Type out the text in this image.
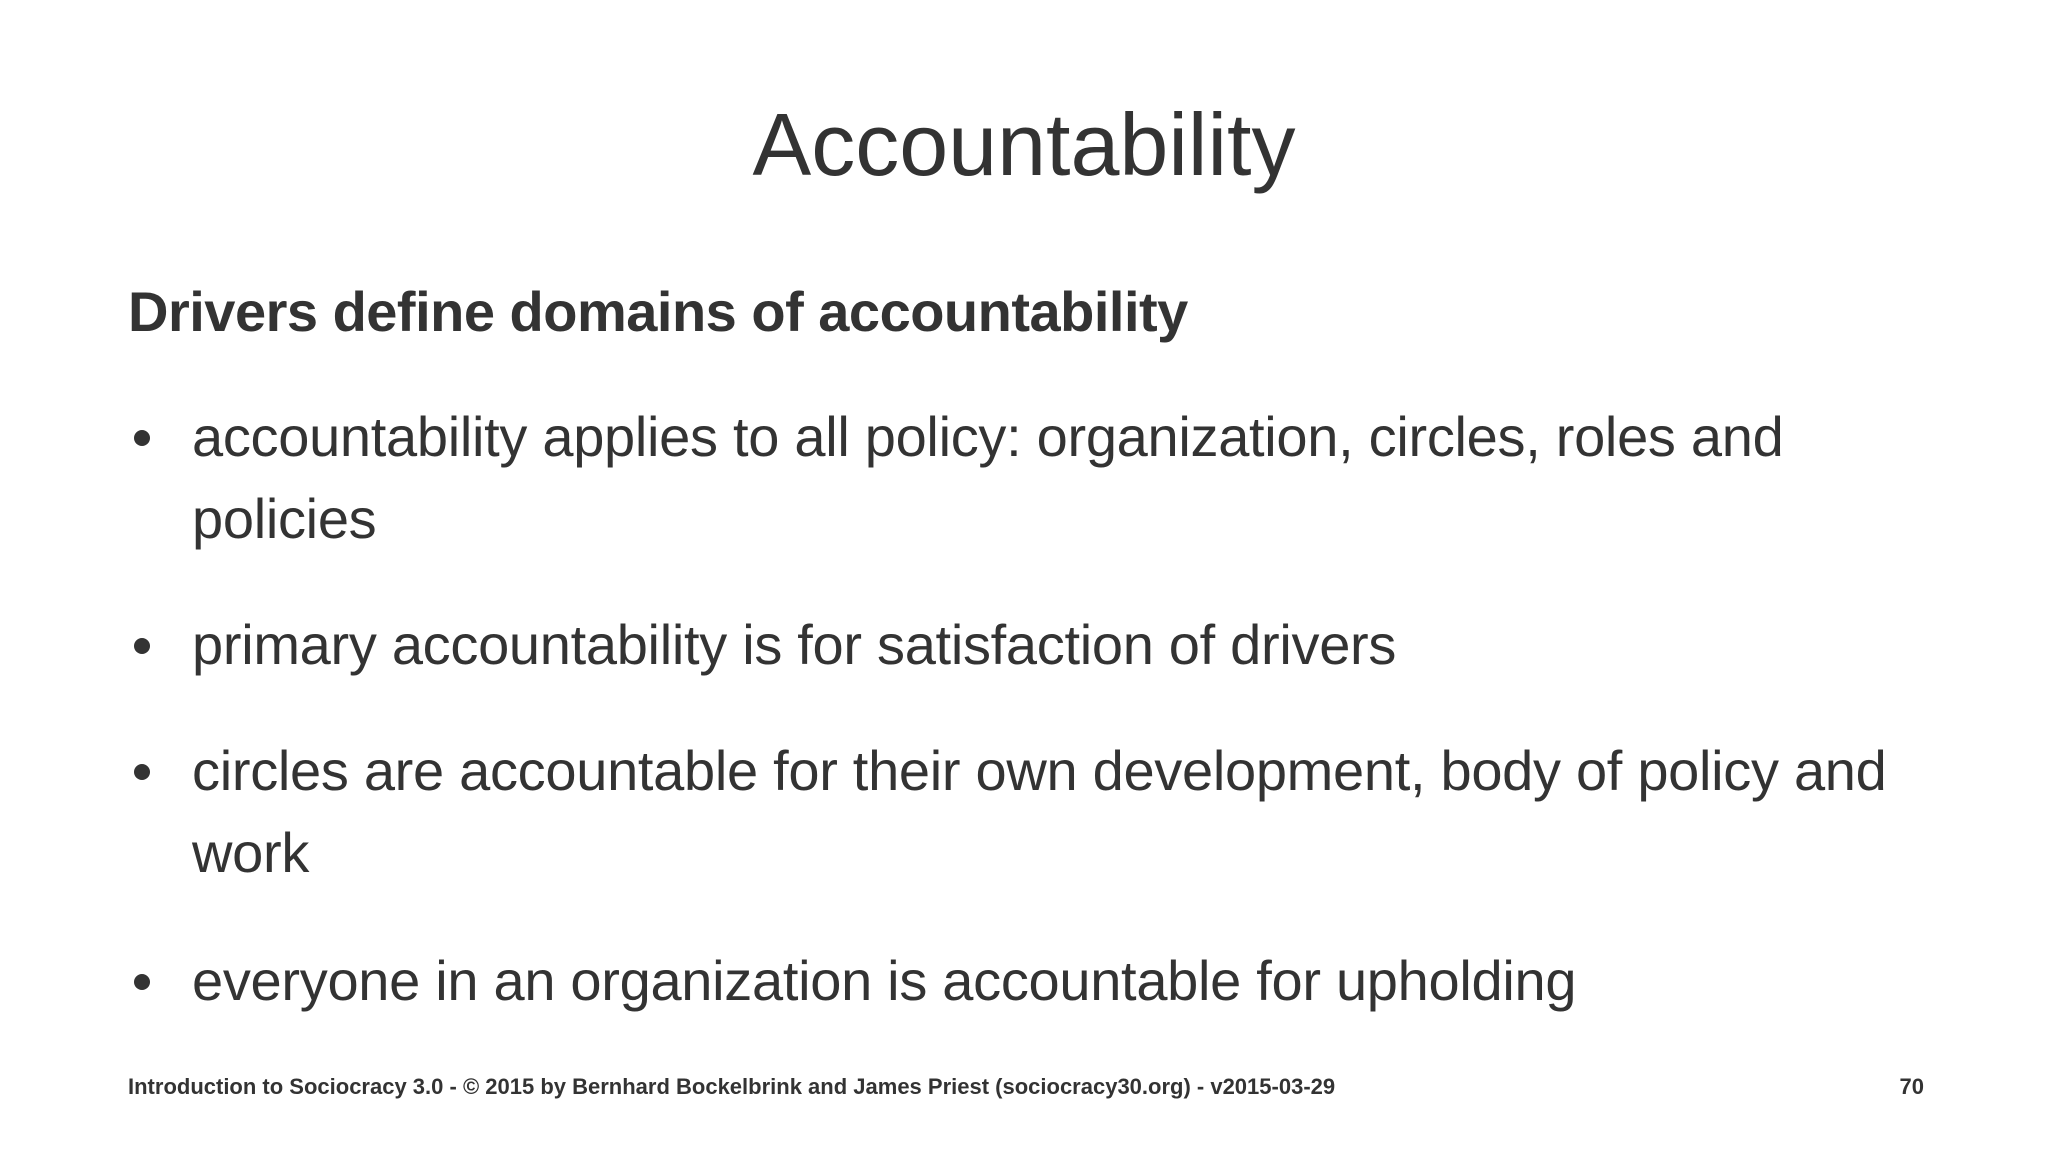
Accountability
Drivers define domains of accountability
accountability applies to all policy: organization, circles, roles and policies
primary accountability is for satisfaction of drivers
circles are accountable for their own development, body of policy and work
everyone in an organization is accountable for upholding
Introduction to Sociocracy 3.0 - © 2015 by Bernhard Bockelbrink and James Priest (sociocracy30.org) - v2015-03-29	70
